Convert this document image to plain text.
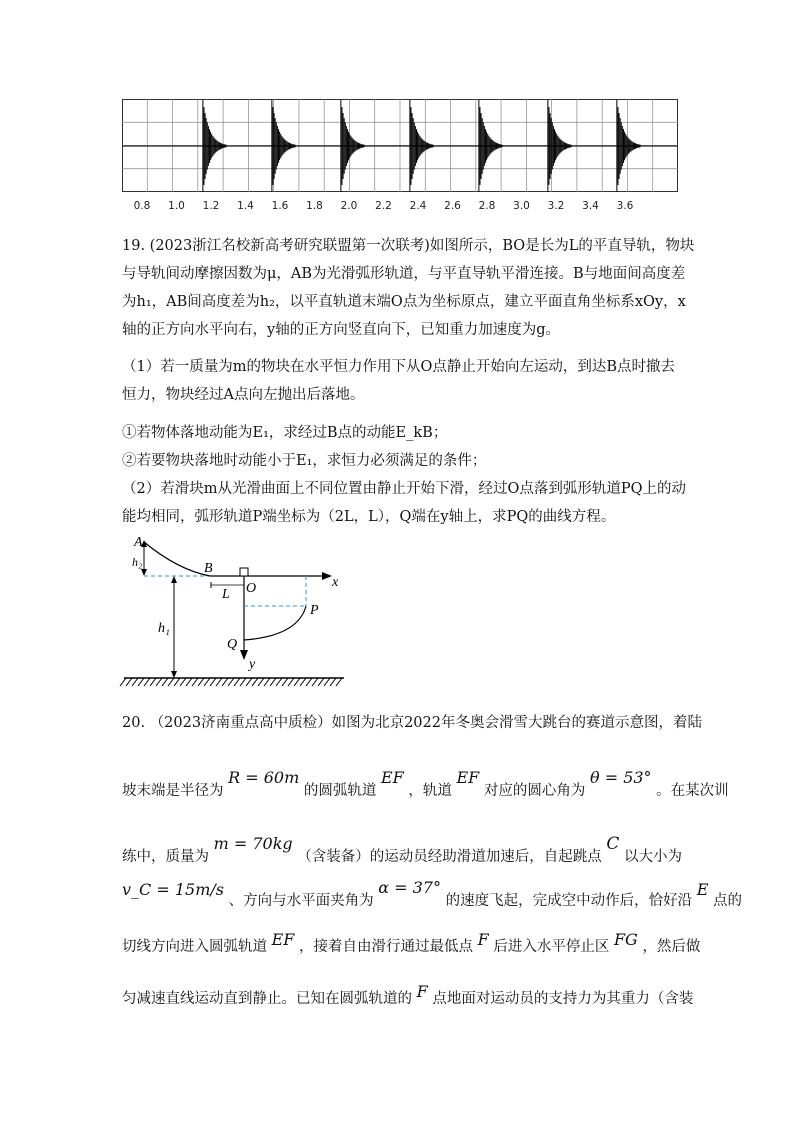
0.8 1.0 1.2 1.4 1.6 1.8 2.0 2.2 2.4 2.6 2.8 3.0 3.2 3.4 3.6
19. (2023浙江名校新高考研究联盟第一次联考)如图所示，BO是长为L的平直导轨，物块
与导轨间动摩擦因数为μ，AB为光滑弧形轨道，与平直导轨平滑连接。B与地面间高度差
为h₁，AB间高度差为h₂，以平直轨道末端O点为坐标原点，建立平面直角坐标系xOy，x
轴的正方向水平向右，y轴的正方向竖直向下，已知重力加速度为g。
（1）若一质量为m的物块在水平恒力作用下从O点静止开始向左运动，到达B点时撤去
恒力，物块经过A点向左抛出后落地。
①若物体落地动能为E₁，求经过B点的动能E_kB；
②若要物块落地时动能小于E₁，求恒力必须满足的条件；
（2）若滑块m从光滑曲面上不同位置由静止开始下滑，经过O点落到弧形轨道PQ上的动
能均相同，弧形轨道P端坐标为（2L，L），Q端在y轴上，求PQ的曲线方程。
A
h₂	B
O	x
L
P
h₁
Q
y
20. （2023济南重点高中质检）如图为北京2022年冬奥会滑雪大跳台的赛道示意图，着陆
坡末端是半径为 R = 60m 的圆弧轨道 EF ，轨道 EF 对应的圆心角为 θ = 53° 。在某次训
练中，质量为 m = 70kg （含装备）的运动员经助滑道加速后，自起跳点 C 以大小为
v_C = 15m/s 、方向与水平面夹角为 α = 37° 的速度飞起，完成空中动作后，恰好沿 E 点的
切线方向进入圆弧轨道 EF ，接着自由滑行通过最低点 F 后进入水平停止区 FG ，然后做
匀减速直线运动直到静止。已知在圆弧轨道的 F 点地面对运动员的支持力为其重力（含装
